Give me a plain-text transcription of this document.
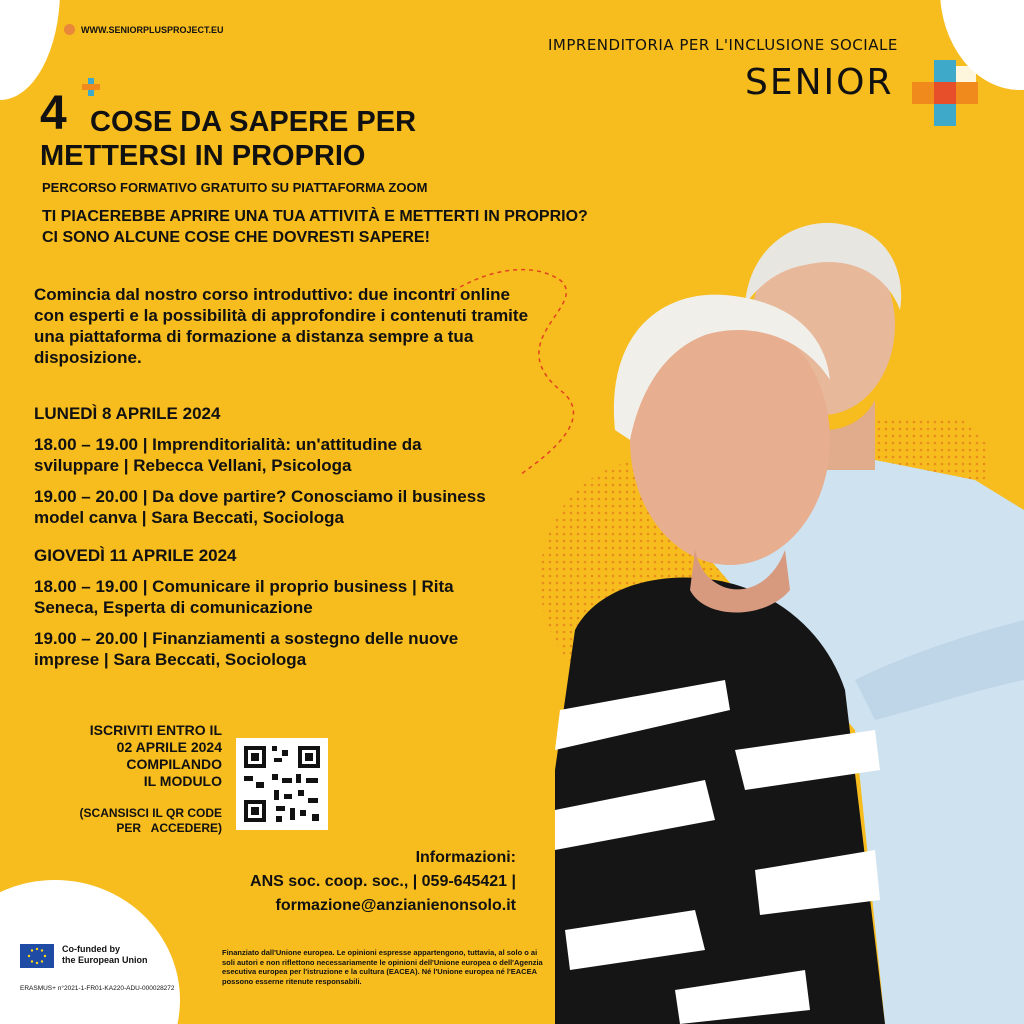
WWW.SENIORPLUSPROJECT.EU
IMPRENDITORIA PER L'INCLUSIONE SOCIALE
SENIOR
4 COSE DA SAPERE PER
METTERSI IN PROPRIO
PERCORSO FORMATIVO GRATUITO SU PIATTAFORMA ZOOM
TI PIACEREBBE APRIRE UNA TUA ATTIVITÀ E METTERTI IN PROPRIO?
CI SONO ALCUNE COSE CHE DOVRESTI SAPERE!
Comincia dal nostro corso introduttivo: due incontri online con esperti e la possibilità di approfondire i contenuti tramite una piattaforma di formazione a distanza sempre a tua disposizione.
LUNEDÌ 8 APRILE 2024
18.00 – 19.00 | Imprenditorialità: un'attitudine da sviluppare | Rebecca Vellani, Psicologa
19.00 – 20.00 | Da dove partire? Conosciamo il business model canva | Sara Beccati, Sociologa
GIOVEDÌ 11 APRILE 2024
18.00 – 19.00 | Comunicare il proprio business | Rita Seneca, Esperta di comunicazione
19.00 – 20.00 | Finanziamenti a sostegno delle nuove imprese | Sara Beccati, Sociologa
ISCRIVITI ENTRO IL
02 APRILE 2024
COMPILANDO
IL MODULO
(SCANSISCI IL QR CODE
PER   ACCEDERE)
Informazioni:
ANS soc. coop. soc., | 059-645421 |
formazione@anzianienonsolo.it
Co-funded by
the European Union
ERASMUS+ n°2021-1-FR01-KA220-ADU-000028272
Finanziato dall'Unione europea. Le opinioni espresse appartengono, tuttavia, al solo o ai soli autori e non riflettono necessariamente le opinioni dell'Unione europea o dell'Agenzia esecutiva europea per l'istruzione e la cultura (EACEA). Né l'Unione europea né l'EACEA possono esserne ritenute responsabili.
